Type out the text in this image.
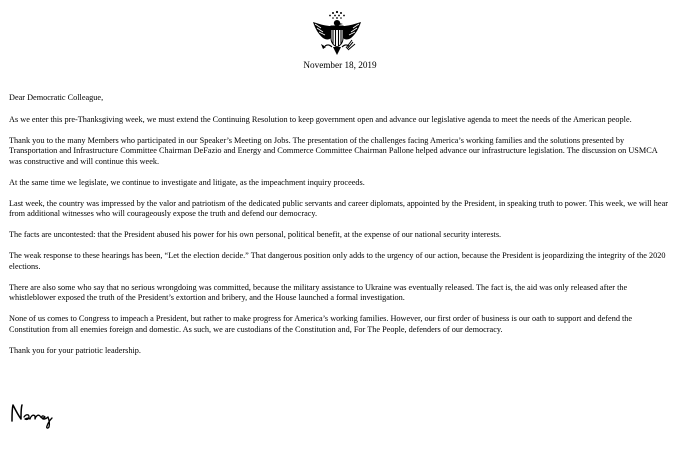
November 18, 2019

Dear Democratic Colleague,

As we enter this pre-Thanksgiving week, we must extend the Continuing Resolution to keep government open and advance our legislative agenda to meet the needs of the American people.

Thank you to the many Members who participated in our Speaker’s Meeting on Jobs. The presentation of the challenges facing America’s working families and the solutions presented by Transportation and Infrastructure Committee Chairman DeFazio and Energy and Commerce Committee Chairman Pallone helped advance our infrastructure legislation. The discussion on USMCA was constructive and will continue this week.

At the same time we legislate, we continue to investigate and litigate, as the impeachment inquiry proceeds.

Last week, the country was impressed by the valor and patriotism of the dedicated public servants and career diplomats, appointed by the President, in speaking truth to power. This week, we will hear from additional witnesses who will courageously expose the truth and defend our democracy.

The facts are uncontested: that the President abused his power for his own personal, political benefit, at the expense of our national security interests.

The weak response to these hearings has been, “Let the election decide.” That dangerous position only adds to the urgency of our action, because the President is jeopardizing the integrity of the 2020 elections.

There are also some who say that no serious wrongdoing was committed, because the military assistance to Ukraine was eventually released. The fact is, the aid was only released after the whistleblower exposed the truth of the President’s extortion and bribery, and the House launched a formal investigation.

None of us comes to Congress to impeach a President, but rather to make progress for America’s working families. However, our first order of business is our oath to support and defend the Constitution from all enemies foreign and domestic. As such, we are custodians of the Constitution and, For The People, defenders of our democracy.

Thank you for your patriotic leadership.
